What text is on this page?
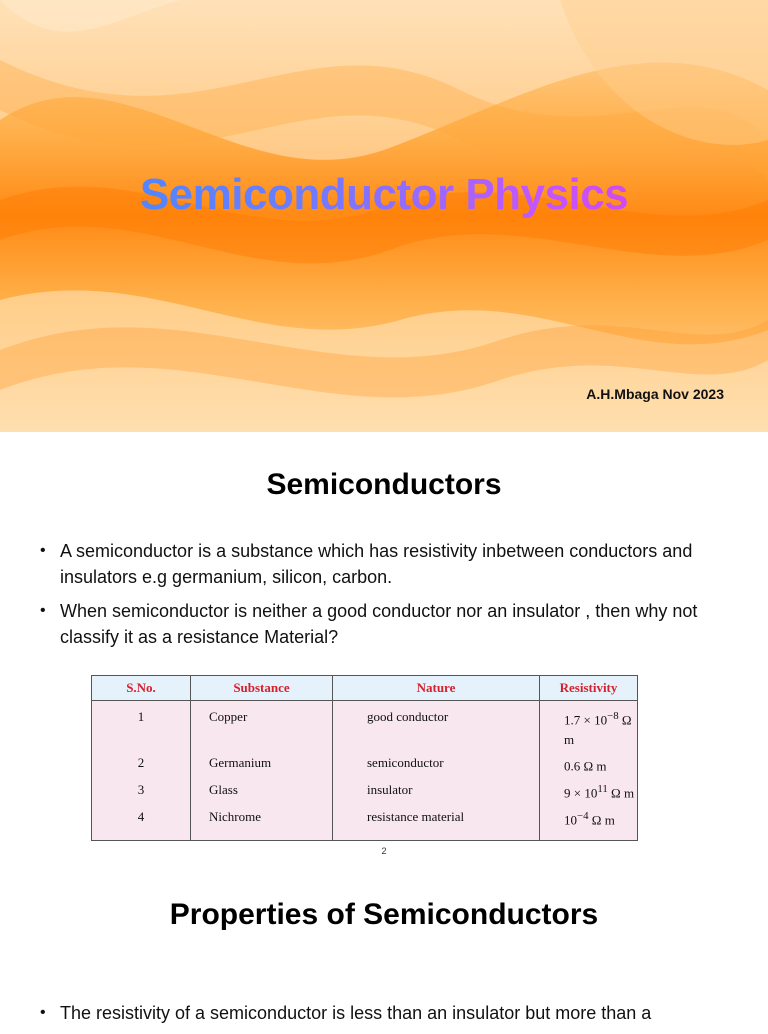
Semiconductor Physics
A.H.Mbaga Nov 2023
Semiconductors
• A semiconductor is a substance which has resistivity inbetween conductors and insulators e.g germanium, silicon, carbon.
• When semiconductor is neither a good conductor nor an insulator , then why not classify it as a resistance Material?
S.No.	Substance	Nature	Resistivity
1	Copper	good conductor	$1.7 \times 10^{-8}$ Ω m
2	Germanium	semiconductor	0.6 Ω m
3	Glass	insulator	$9 \times 10^{11}$ Ω m
4	Nichrome	resistance material	$10^{-4}$ Ω m
2
Properties of Semiconductors
• The resistivity of a semiconductor is less than an insulator but more than a
